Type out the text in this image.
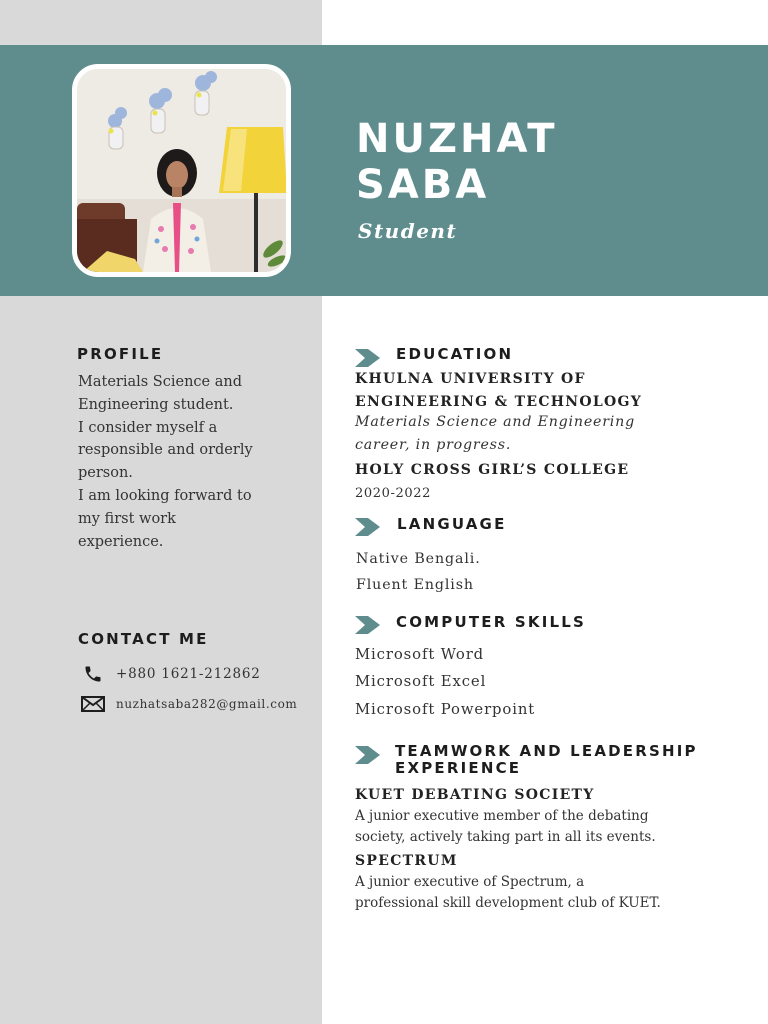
NUZHAT
SABA

Student

PROFILE

Materials Science and
Engineering student.
I consider myself a
responsible and orderly
person.
I am looking forward to
my first work
experience.

CONTACT ME
+880 1621-212862
nuzhatsaba282@gmail.com
EDUCATION

KHULNA UNIVERSITY OF
ENGINEERING & TECHNOLOGY

Materials Science and Engineering
career, in progress.

HOLY CROSS GIRL’S COLLEGE

2020-2022

LANGUAGE

Native Bengali.

Fluent English

COMPUTER SKILLS
Microsoft Word
Microsoft Excel
Microsoft Powerpoint
TEAMWORK AND LEADERSHIP
EXPERIENCE

KUET DEBATING SOCIETY

A junior executive member of the debating
society, actively taking part in all its events.

SPECTRUM

A junior executive of Spectrum, a
professional skill development club of KUET.
